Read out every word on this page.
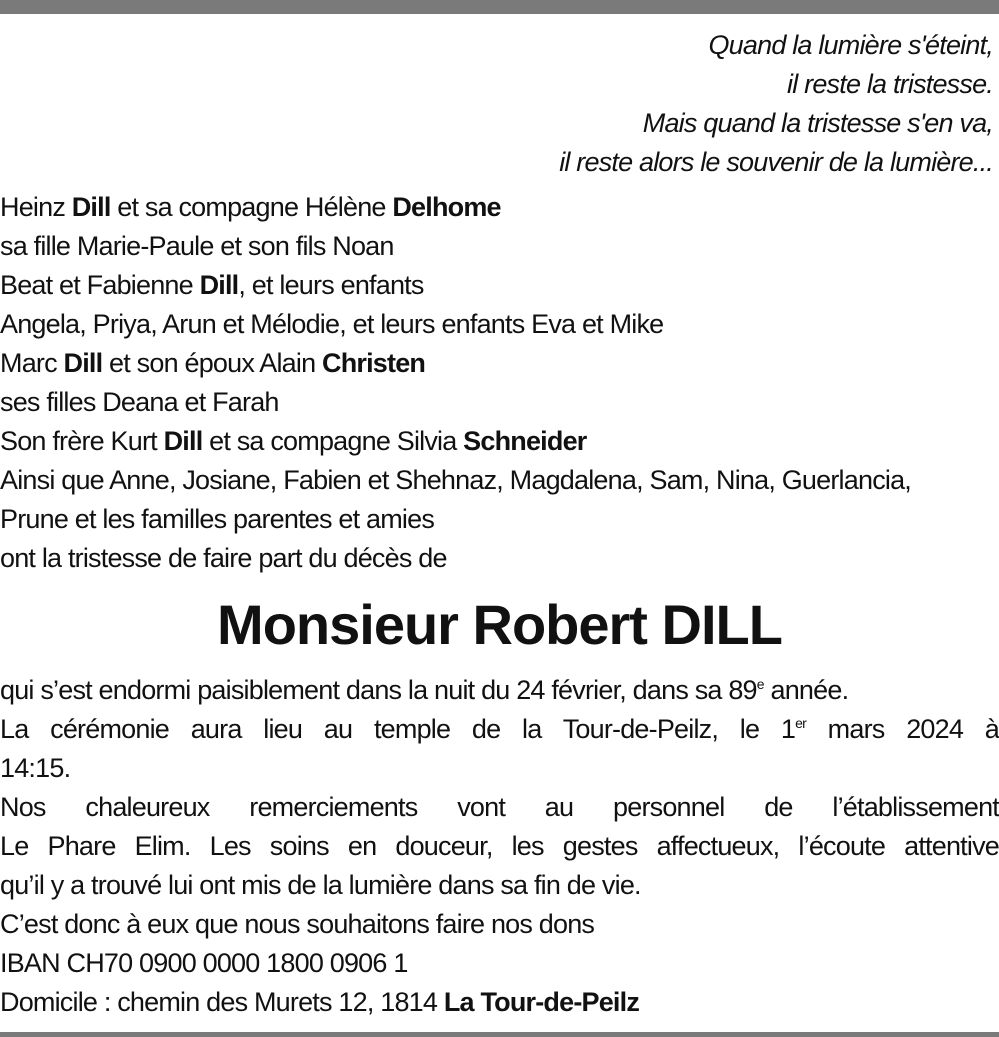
Quand la lumière s'éteint,
il reste la tristesse.
Mais quand la tristesse s'en va,
il reste alors le souvenir de la lumière...
Heinz Dill et sa compagne Hélène Delhome
sa fille Marie-Paule et son fils Noan
Beat et Fabienne Dill, et leurs enfants
Angela, Priya, Arun et Mélodie, et leurs enfants Eva et Mike
Marc Dill et son époux Alain Christen
ses filles Deana et Farah
Son frère Kurt Dill et sa compagne Silvia Schneider
Ainsi que Anne, Josiane, Fabien et Shehnaz, Magdalena, Sam, Nina, Guerlancia,
Prune et les familles parentes et amies
ont la tristesse de faire part du décès de
Monsieur Robert DILL
qui s’est endormi paisiblement dans la nuit du 24 février, dans sa 89e année.
La cérémonie aura lieu au temple de la Tour-de-Peilz, le 1er mars 2024 à
14:15.
Nos chaleureux remerciements vont au personnel de l’établissement
Le Phare Elim. Les soins en douceur, les gestes affectueux, l’écoute attentive
qu’il y a trouvé lui ont mis de la lumière dans sa fin de vie.
C’est donc à eux que nous souhaitons faire nos dons
IBAN CH70 0900 0000 1800 0906 1
Domicile : chemin des Murets 12, 1814 La Tour-de-Peilz
